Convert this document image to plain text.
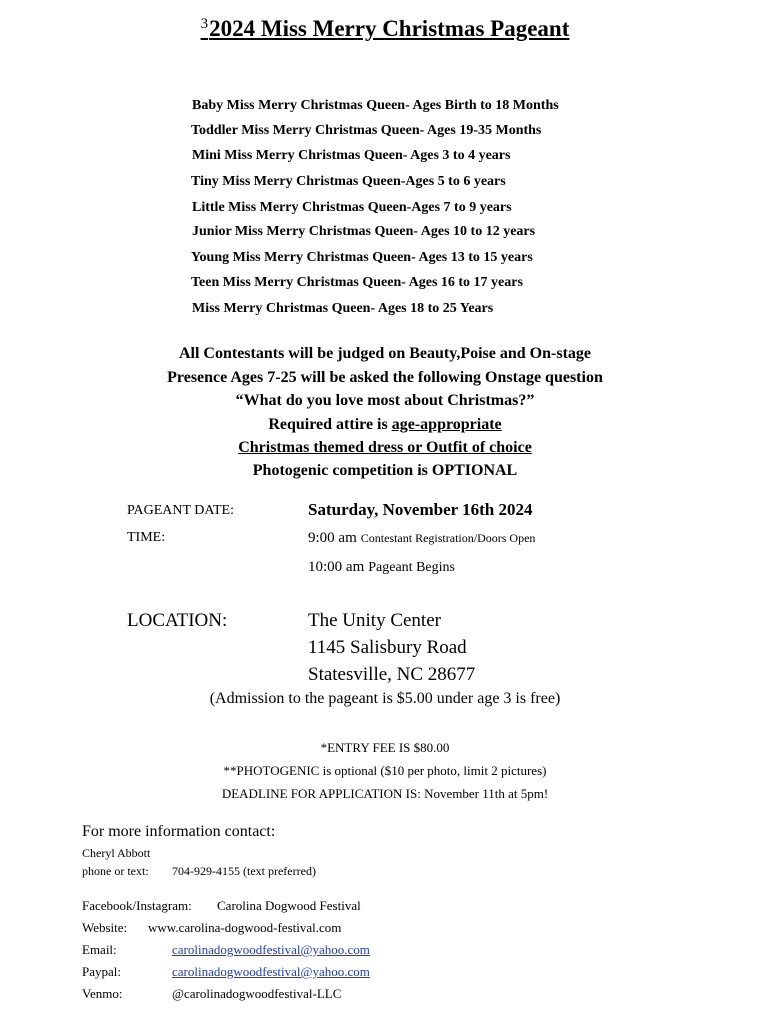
$^3$2024 Miss Merry Christmas Pageant
Baby Miss Merry Christmas Queen- Ages Birth to 18 Months
Toddler Miss Merry Christmas Queen- Ages 19-35 Months
Mini Miss Merry Christmas Queen- Ages 3 to 4 years
Tiny Miss Merry Christmas Queen-Ages 5 to 6 years
Little Miss Merry Christmas Queen-Ages 7 to 9 years
Junior Miss Merry Christmas Queen- Ages 10 to 12 years
Young Miss Merry Christmas Queen- Ages 13 to 15 years
Teen Miss Merry Christmas Queen- Ages 16 to 17 years
Miss Merry Christmas Queen- Ages 18 to 25 Years
All Contestants will be judged on Beauty,Poise and On-stage
Presence Ages 7-25 will be asked the following Onstage question
“What do you love most about Christmas?”
Required attire is age-appropriate
Christmas themed dress or Outfit of choice
Photogenic competition is OPTIONAL
PAGEANT DATE:	Saturday, November 16th 2024
TIME:	9:00 am Contestant Registration/Doors Open
10:00 am Pageant Begins
LOCATION:	The Unity Center
1145 Salisbury Road
Statesville, NC 28677
(Admission to the pageant is $5.00 under age 3 is free)
*ENTRY FEE IS $80.00
**PHOTOGENIC is optional ($10 per photo, limit 2 pictures)
DEADLINE FOR APPLICATION IS: November 11th at 5pm!
For more information contact:
Cheryl Abbott
phone or text: 704-929-4155 (text preferred)
Facebook/Instagram: Carolina Dogwood Festival
Website: www.carolina-dogwood-festival.com
Email:	carolinadogwoodfestival@yahoo.com
Paypal:	carolinadogwoodfestival@yahoo.com
Venmo:	@carolinadogwoodfestival-LLC
